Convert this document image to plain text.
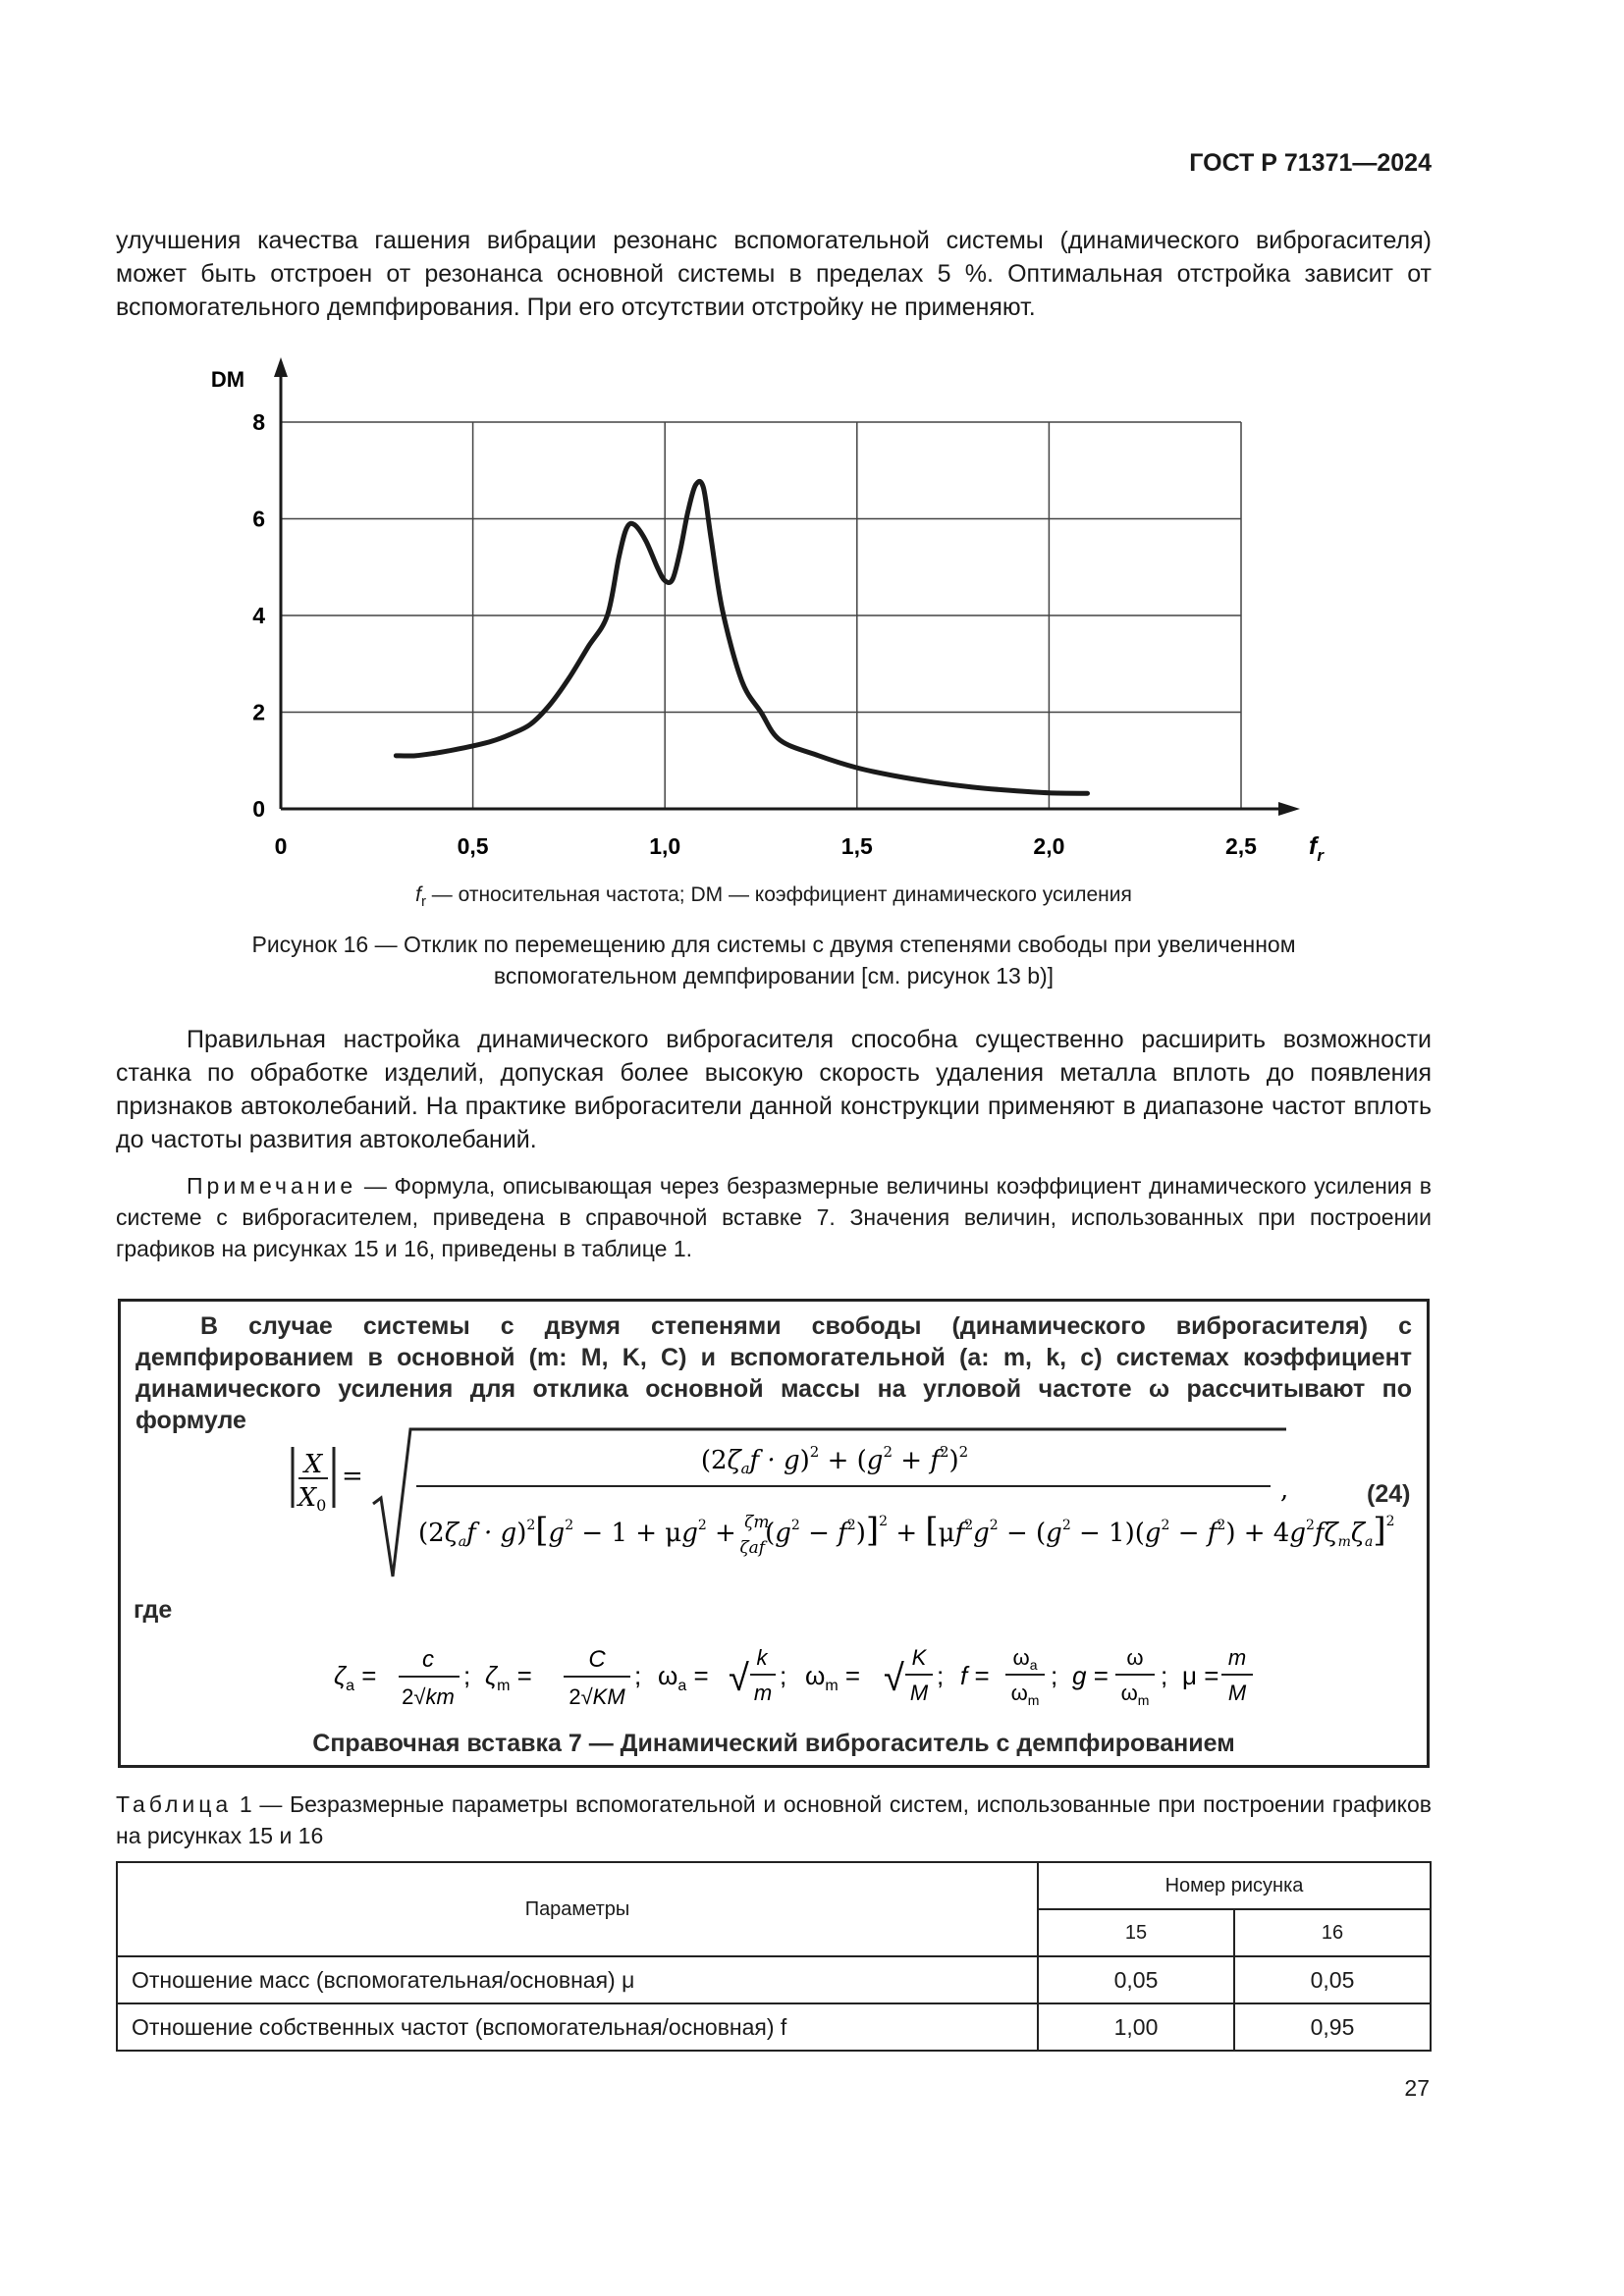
ГОСТ Р 71371—2024
улучшения качества гашения вибрации резонанс вспомогательной системы (динамического виброгасителя) может быть отстроен от резонанса основной системы в пределах 5 %. Оптимальная отстройка зависит от вспомогательного демпфирования. При его отсутствии отстройку не применяют.
0	0,5	1,0	1,5	2,0	2,5
0
2
4
6
8
DM
$f_r$
$f_r$ — относительная частота; DM — коэффициент динамического усиления
Рисунок 16 — Отклик по перемещению для системы с двумя степенями свободы при увеличенном
вспомогательном демпфировании [см. рисунок 13 b)]
Правильная настройка динамического виброгасителя способна существенно расширить возможности станка по обработке изделий, допуская более высокую скорость удаления металла вплоть до появления признаков автоколебаний. На практике виброгасители данной конструкции применяют в диапазоне частот вплоть до частоты развития автоколебаний.
Примечание — Формула, описывающая через безразмерные величины коэффициент динамического усиления в системе с виброгасителем, приведена в справочной вставке 7. Значения величин, использованных при построении графиков на рисунках 15 и 16, приведены в таблице 1.
В случае системы с двумя степенями свободы (динамического виброгасителя) с демпфированием в основной (m: M, K, C) и вспомогательной (a: m, k, c) системах коэффициент динамического усиления для отклика основной массы на угловой частоте ω рассчитывают по формуле
X
X0
=
$(2\zeta af \cdot g)^2 + (g^2 + f^2)^2$
$(2\zeta af \cdot g)^2[g^2 - 1 + \mu g^2 + ^{\zeta m}$ $\zeta af(g^2 - f^2)]^2 + [\mu f^2g^2 - (g^2 - 1)(g^2 - f^2) + 4g^2f\zeta m\zeta a]^2$
,	(24)
где
$\zeta_a$ =
c
2√km
; $\zeta_m$ =
C
2√KM
; $\omega_a$ = √
k
m
; $\omega_m$ = √
K
M
; f =
$\omega_a$
$\omega_m$
; g =
ω
$\omega_m$
; μ =
m
M
Справочная вставка 7 — Динамический виброгаситель с демпфированием
Таблица 1 — Безразмерные параметры вспомогательной и основной систем, использованные при построении графиков на рисунках 15 и 16
Параметры	Номер рисунка	
	15	16
Отношение масс (вспомогательная/основная) μ	0,05	0,05
Отношение собственных частот (вспомогательная/основная) f	1,00	0,95
27
